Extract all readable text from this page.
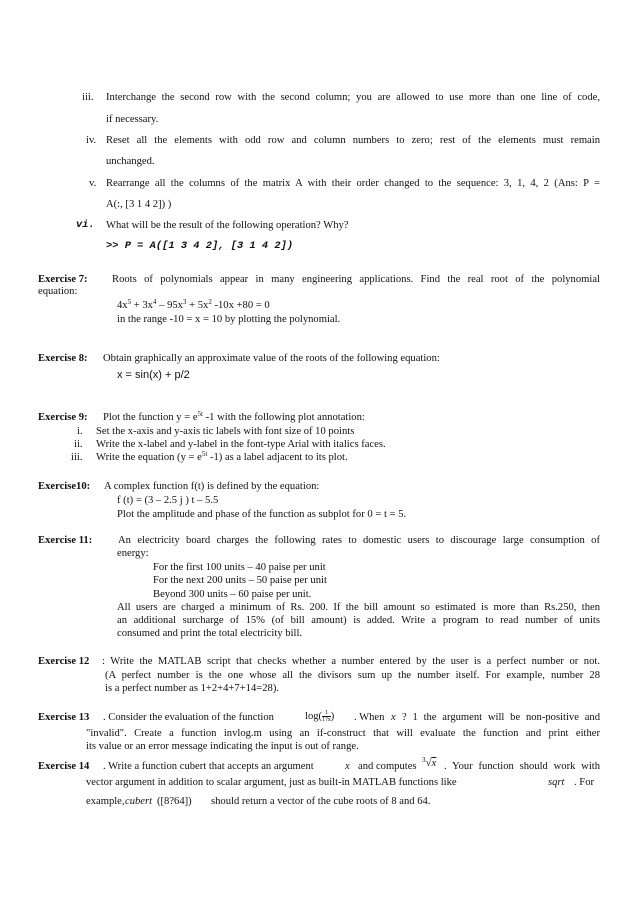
iii. Interchange the second row with the second column; you are allowed to use more than one line of code,
if necessary.
iv. Reset all the elements with odd row and column numbers to zero; rest of the elements must remain
unchanged.
v. Rearrange all the columns of the matrix A with their order changed to the sequence: 3, 1, 4, 2 (Ans: P =
A(:, [3 1 4 2]) )
vi. What will be the result of the following operation? Why?
>> P = A([1 3 4 2], [3 1 4 2])
Exercise 7: Roots of polynomials appear in many engineering applications. Find the real root of the polynomial
equation:
$4x^5 + 3x^4 - 95x^3 + 5x^2$ -10x +80 = 0
in the range -10 = x = 10 by plotting the polynomial.
Exercise 8: Obtain graphically an approximate value of the roots of the following equation:
x = sin(x) + p/2
Exercise 9: Plot the function $y = e^{5t}$ -1 with the following plot annotation:
i. Set the x-axis and y-axis tic labels with font size of 10 points
ii. Write the x-label and y-label in the font-type Arial with italics faces.
iii. Write the equation ($y = e^{5t}$ -1) as a label adjacent to its plot.
Exercise10: A complex function f(t) is defined by the equation:
f (t) = (3 – 2.5 j ) t – 5.5
Plot the amplitude and phase of the function as subplot for 0 = t = 5.
Exercise 11: An electricity board charges the following rates to domestic users to discourage large consumption of
energy:
For the first 100 units – 40 paise per unit
For the next 200 units – 50 paise per unit
Beyond 300 units – 60 paise per unit.
All users are charged a minimum of Rs. 200. If the bill amount so estimated is more than Rs.250, then
an additional surcharge of 15% (of bill amount) is added. Write a program to read number of units
consumed and print the total electricity bill.
Exercise 12 : Write the MATLAB script that checks whether a number entered by the user is a perfect number or not.
(A perfect number is the one whose all the divisors sum up the number itself. For example, number 28
is a perfect number as 1+2+4+7+14=28).
Exercise 13 . Consider the evaluation of the function	$\log( \frac{1}{1?x}$ ) . When x ? 1 the argument will be non-positive and
"invalid". Create a function invlog.m using an if-construct that will evaluate the function and print either
its value or an error message indicating the input is out of range.
Exercise 14 . Write a function cubert that accepts an argument	x and computes
$^3$√x . Your function should work with
vector argument in addition to scalar argument, just as built-in MATLAB functions like	sqrt . For
example, cubert ([8?64]) should return a vector of the cube roots of 8 and 64.
